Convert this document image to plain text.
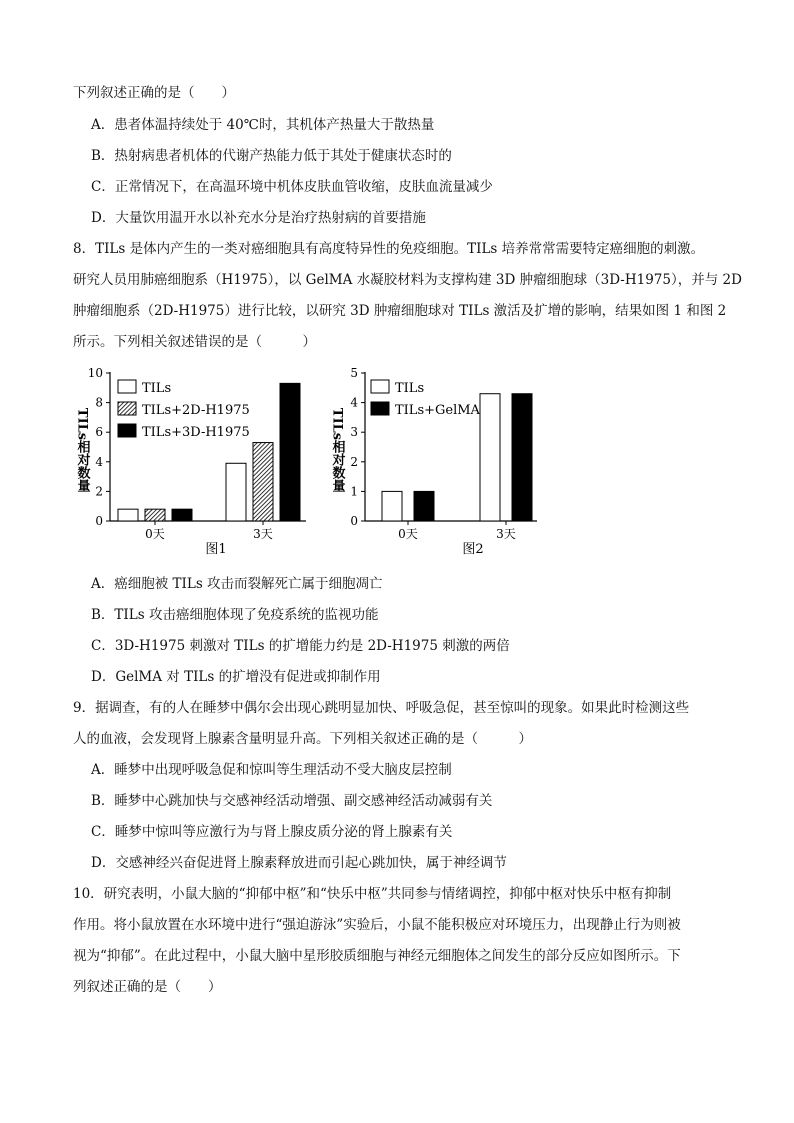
下列叙述正确的是（　　）
A．患者体温持续处于 40℃时，其机体产热量大于散热量
B．热射病患者机体的代谢产热能力低于其处于健康状态时的
C．正常情况下，在高温环境中机体皮肤血管收缩，皮肤血流量减少
D．大量饮用温开水以补充水分是治疗热射病的首要措施
8．TILs 是体内产生的一类对癌细胞具有高度特异性的免疫细胞。TILs 培养常常需要特定癌细胞的刺激。
研究人员用肺癌细胞系（H1975），以 GelMA 水凝胶材料为支撑构建 3D 肿瘤细胞球（3D-H1975），并与 2D
肿瘤细胞系（2D-H1975）进行比较，以研究 3D 肿瘤细胞球对 TILs 激活及扩增的影响，结果如图 1 和图 2
所示。下列相关叙述错误的是（　　　）
0
2
4
6
8
10
TILs相对数量
0天	3天
TILs
TILs+2D-H1975
TILs+3D-H1975
图1
0
1
2
3
4
5
TILs相对数量
0天	3天
TILs
TILs+GelMA
图2
A．癌细胞被 TILs 攻击而裂解死亡属于细胞凋亡
B．TILs 攻击癌细胞体现了免疫系统的监视功能
C．3D-H1975 刺激对 TILs 的扩增能力约是 2D-H1975 刺激的两倍
D．GelMA 对 TILs 的扩增没有促进或抑制作用
9．据调查，有的人在睡梦中偶尔会出现心跳明显加快、呼吸急促，甚至惊叫的现象。如果此时检测这些
人的血液，会发现肾上腺素含量明显升高。下列相关叙述正确的是（　　　）
A．睡梦中出现呼吸急促和惊叫等生理活动不受大脑皮层控制
B．睡梦中心跳加快与交感神经活动增强、副交感神经活动减弱有关
C．睡梦中惊叫等应激行为与肾上腺皮质分泌的肾上腺素有关
D．交感神经兴奋促进肾上腺素释放进而引起心跳加快，属于神经调节
10．研究表明，小鼠大脑的“抑郁中枢”和“快乐中枢”共同参与情绪调控，抑郁中枢对快乐中枢有抑制
作用。将小鼠放置在水环境中进行“强迫游泳”实验后，小鼠不能积极应对环境压力，出现静止行为则被
视为“抑郁”。在此过程中，小鼠大脑中星形胶质细胞与神经元细胞体之间发生的部分反应如图所示。下
列叙述正确的是（　　）
